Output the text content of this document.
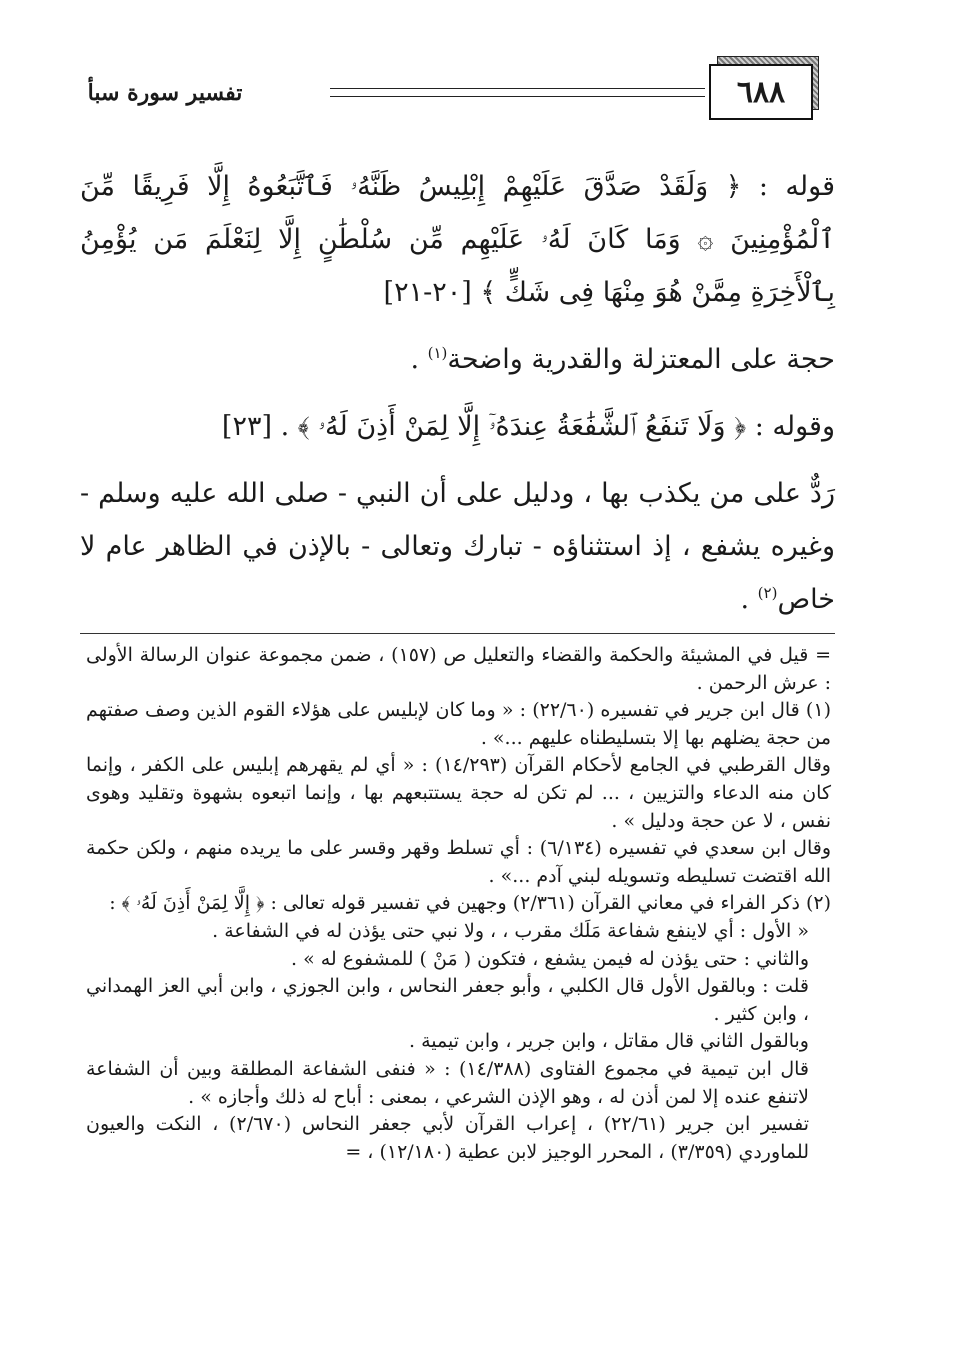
تفسير سورة سبأ	٦٨٨

قوله : ﴿ وَلَقَدْ صَدَّقَ عَلَيْهِمْ إِبْلِيسُ ظَنَّهُۥ فَٱتَّبَعُوهُ إِلَّا فَرِيقًا مِّنَ ٱلْمُؤْمِنِينَ ۞ وَمَا كَانَ لَهُۥ عَلَيْهِم مِّن سُلْطَٰنٍ إِلَّا لِنَعْلَمَ مَن يُؤْمِنُ بِٱلْأَخِرَةِ مِمَّنْ هُوَ مِنْهَا فِى شَكٍّ ﴾ [٢٠-٢١]

حجة على المعتزلة والقدرية واضحة$^{(١)}$ .

وقوله : ﴿ وَلَا تَنفَعُ ٱلشَّفَٰعَةُ عِندَهُۥٓ إِلَّا لِمَنْ أَذِنَ لَهُۥ ﴾ . [٢٣]

رَدٌّ على من يكذب بها ، ودليل على أن النبي - صلى الله عليه وسلم - وغيره يشفع ، إذ استثناؤه - تبارك وتعالى - بالإذن في الظاهر عام لا خاص$^{(٢)}$ .

= قيل في المشيئة والحكمة والقضاء والتعليل ص (١٥٧) ، ضمن مجموعة عنوان الرسالة الأولى : عرش الرحمن .

(١) قال ابن جرير في تفسيره (٢٢/٦٠) : « وما كان لإبليس على هؤلاء القوم الذين وصف صفتهم من حجة يضلهم بها إلا بتسليطناه عليهم ...» .

وقال القرطبي في الجامع لأحكام القرآن (١٤/٢٩٣) : « أي لم يقهرهم إبليس على الكفر ، وإنما كان منه الدعاء والتزيين ، ... لم تكن له حجة يستتبعهم بها ، وإنما اتبعوه بشهوة وتقليد وهوى نفس ، لا عن حجة ودليل » .

وقال ابن سعدي في تفسيره (٦/١٣٤) : أي تسلط وقهر وقسر على ما يريده منهم ، ولكن حكمة الله اقتضت تسليطه وتسويله لبني آدم ...» .

(٢) ذكر الفراء في معاني القرآن (٢/٣٦١) وجهين في تفسير قوله تعالى : ﴿ إِلَّا لِمَنْ أَذِنَ لَهُۥ ﴾ :

« الأول : أي لاينفع شفاعة مَلَك مقرب ، ، ولا نبي حتى يؤذن له في الشفاعة .

والثاني : حتى يؤذن له فيمن يشفع ، فتكون ( مَنْ ) للمشفوع له » .

قلت : وبالقول الأول قال الكلبي ، وأبو جعفر النحاس ، وابن الجوزي ، وابن أبي العز الهمداني ، وابن كثير .

وبالقول الثاني قال مقاتل ، وابن جرير ، وابن تيمية .

قال ابن تيمية في مجموع الفتاوى (١٤/٣٨٨) : « فنفى الشفاعة المطلقة وبين أن الشفاعة لاتنفع عنده إلا لمن أذن له ، وهو الإذن الشرعي ، بمعنى : أباح له ذلك وأجازه » .

تفسير ابن جرير (٢٢/٦١) ، إعراب القرآن لأبي جعفر النحاس (٢/٦٧٠) ، النكت والعيون للماوردي (٣/٣٥٩) ، المحرر الوجيز لابن عطية (١٢/١٨٠) ، =
